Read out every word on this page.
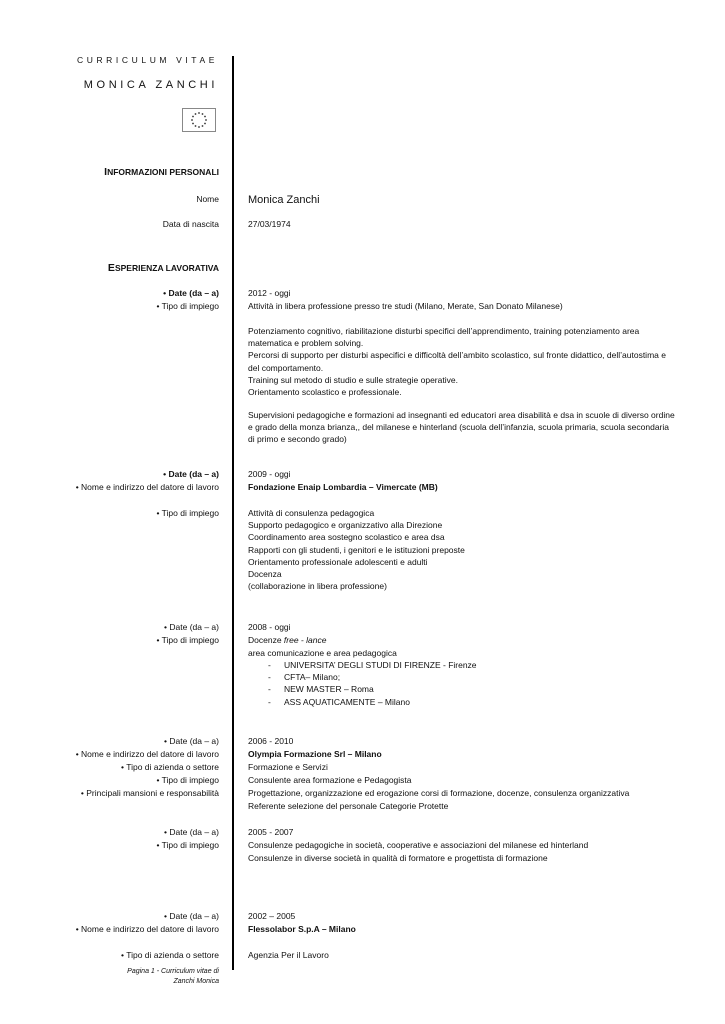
CURRICULUM VITAE
MONICA ZANCHI
INFORMAZIONI PERSONALI
Nome	Monica Zanchi
Data di nascita	27/03/1974
ESPERIENZA LAVORATIVA
• Date (da – a)	2012 - oggi
• Tipo di impiego	Attività in libera professione presso tre studi (Milano, Merate, San Donato Milanese)
Potenziamento cognitivo, riabilitazione disturbi specifici dell’apprendimento, training potenziamento area matematica e problem solving.
Percorsi di supporto per disturbi aspecifici e difficoltà dell’ambito scolastico, sul fronte didattico, dell’autostima e del comportamento.
Training sul metodo di studio e sulle strategie operative.
Orientamento scolastico e professionale.
Supervisioni pedagogiche e formazioni ad insegnanti ed educatori area disabilità e dsa in scuole di diverso ordine e grado della monza brianza,, del milanese e hinterland (scuola dell’infanzia, scuola primaria, scuola secondaria di primo e secondo grado)
• Date (da – a)	2009 - oggi
• Nome e indirizzo del datore di lavoro	Fondazione Enaip Lombardia – Vimercate (MB)
• Tipo di impiego	Attività di consulenza pedagogica
Supporto pedagogico e organizzativo alla Direzione
Coordinamento area sostegno scolastico e area dsa
Rapporti con gli studenti, i genitori e le istituzioni preposte
Orientamento professionale adolescenti e adulti
Docenza
(collaborazione in libera professione)
• Date (da – a)	2008 - oggi
• Tipo di impiego	Docenze free - lance
area comunicazione e area pedagogica
- UNIVERSITA’ DEGLI STUDI DI FIRENZE - Firenze
- CFTA– Milano;
- NEW MASTER – Roma
- ASS AQUATICAMENTE – Milano
• Date (da – a)	2006 - 2010
• Nome e indirizzo del datore di lavoro	Olympia Formazione Srl – Milano
• Tipo di azienda o settore	Formazione e Servizi
• Tipo di impiego	Consulente area formazione e Pedagogista
• Principali mansioni e responsabilità	Progettazione, organizzazione ed erogazione corsi di formazione, docenze, consulenza organizzativa
Referente selezione del personale Categorie Protette
• Date (da – a)	2005 - 2007
• Tipo di impiego	Consulenze pedagogiche in società, cooperative e associazioni del milanese ed hinterland
Consulenze in diverse società in qualità di formatore e progettista di formazione
• Date (da – a)	2002 – 2005
• Nome e indirizzo del datore di lavoro	Flessolabor S.p.A – Milano
• Tipo di azienda o settore	Agenzia Per il Lavoro
Pagina 1 - Curriculum vitae di
Zanchi Monica
